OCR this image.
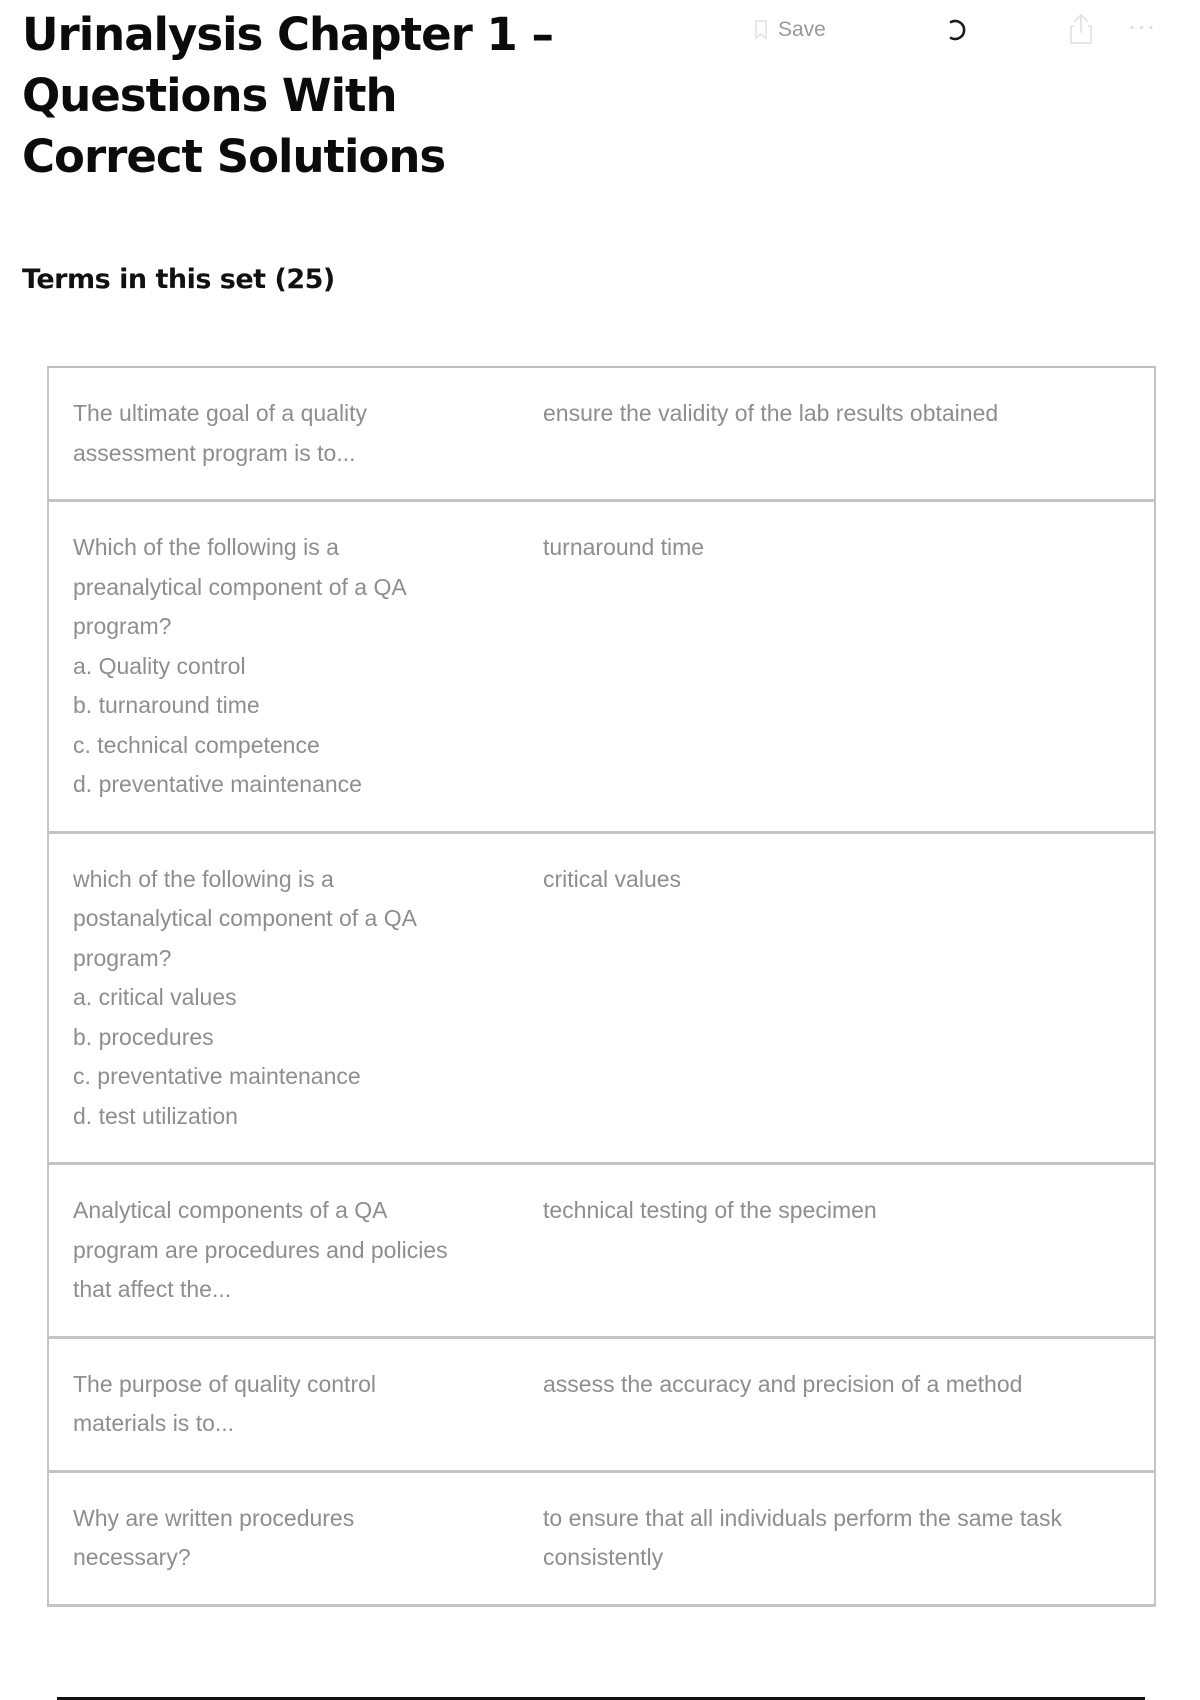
Urinalysis Chapter 1 – Questions With Correct Solutions
Save	···
Terms in this set (25)
The ultimate goal of a quality
assessment program is to...
ensure the validity of the lab results obtained
Which of the following is a
preanalytical component of a QA
program?
a. Quality control
b. turnaround time
c. technical competence
d. preventative maintenance
turnaround time
which of the following is a
postanalytical component of a QA
program?
a. critical values
b. procedures
c. preventative maintenance
d. test utilization
critical values
Analytical components of a QA
program are procedures and policies
that affect the...
technical testing of the specimen
The purpose of quality control
materials is to...
assess the accuracy and precision of a method
Why are written procedures
necessary?
to ensure that all individuals perform the same task
consistently
